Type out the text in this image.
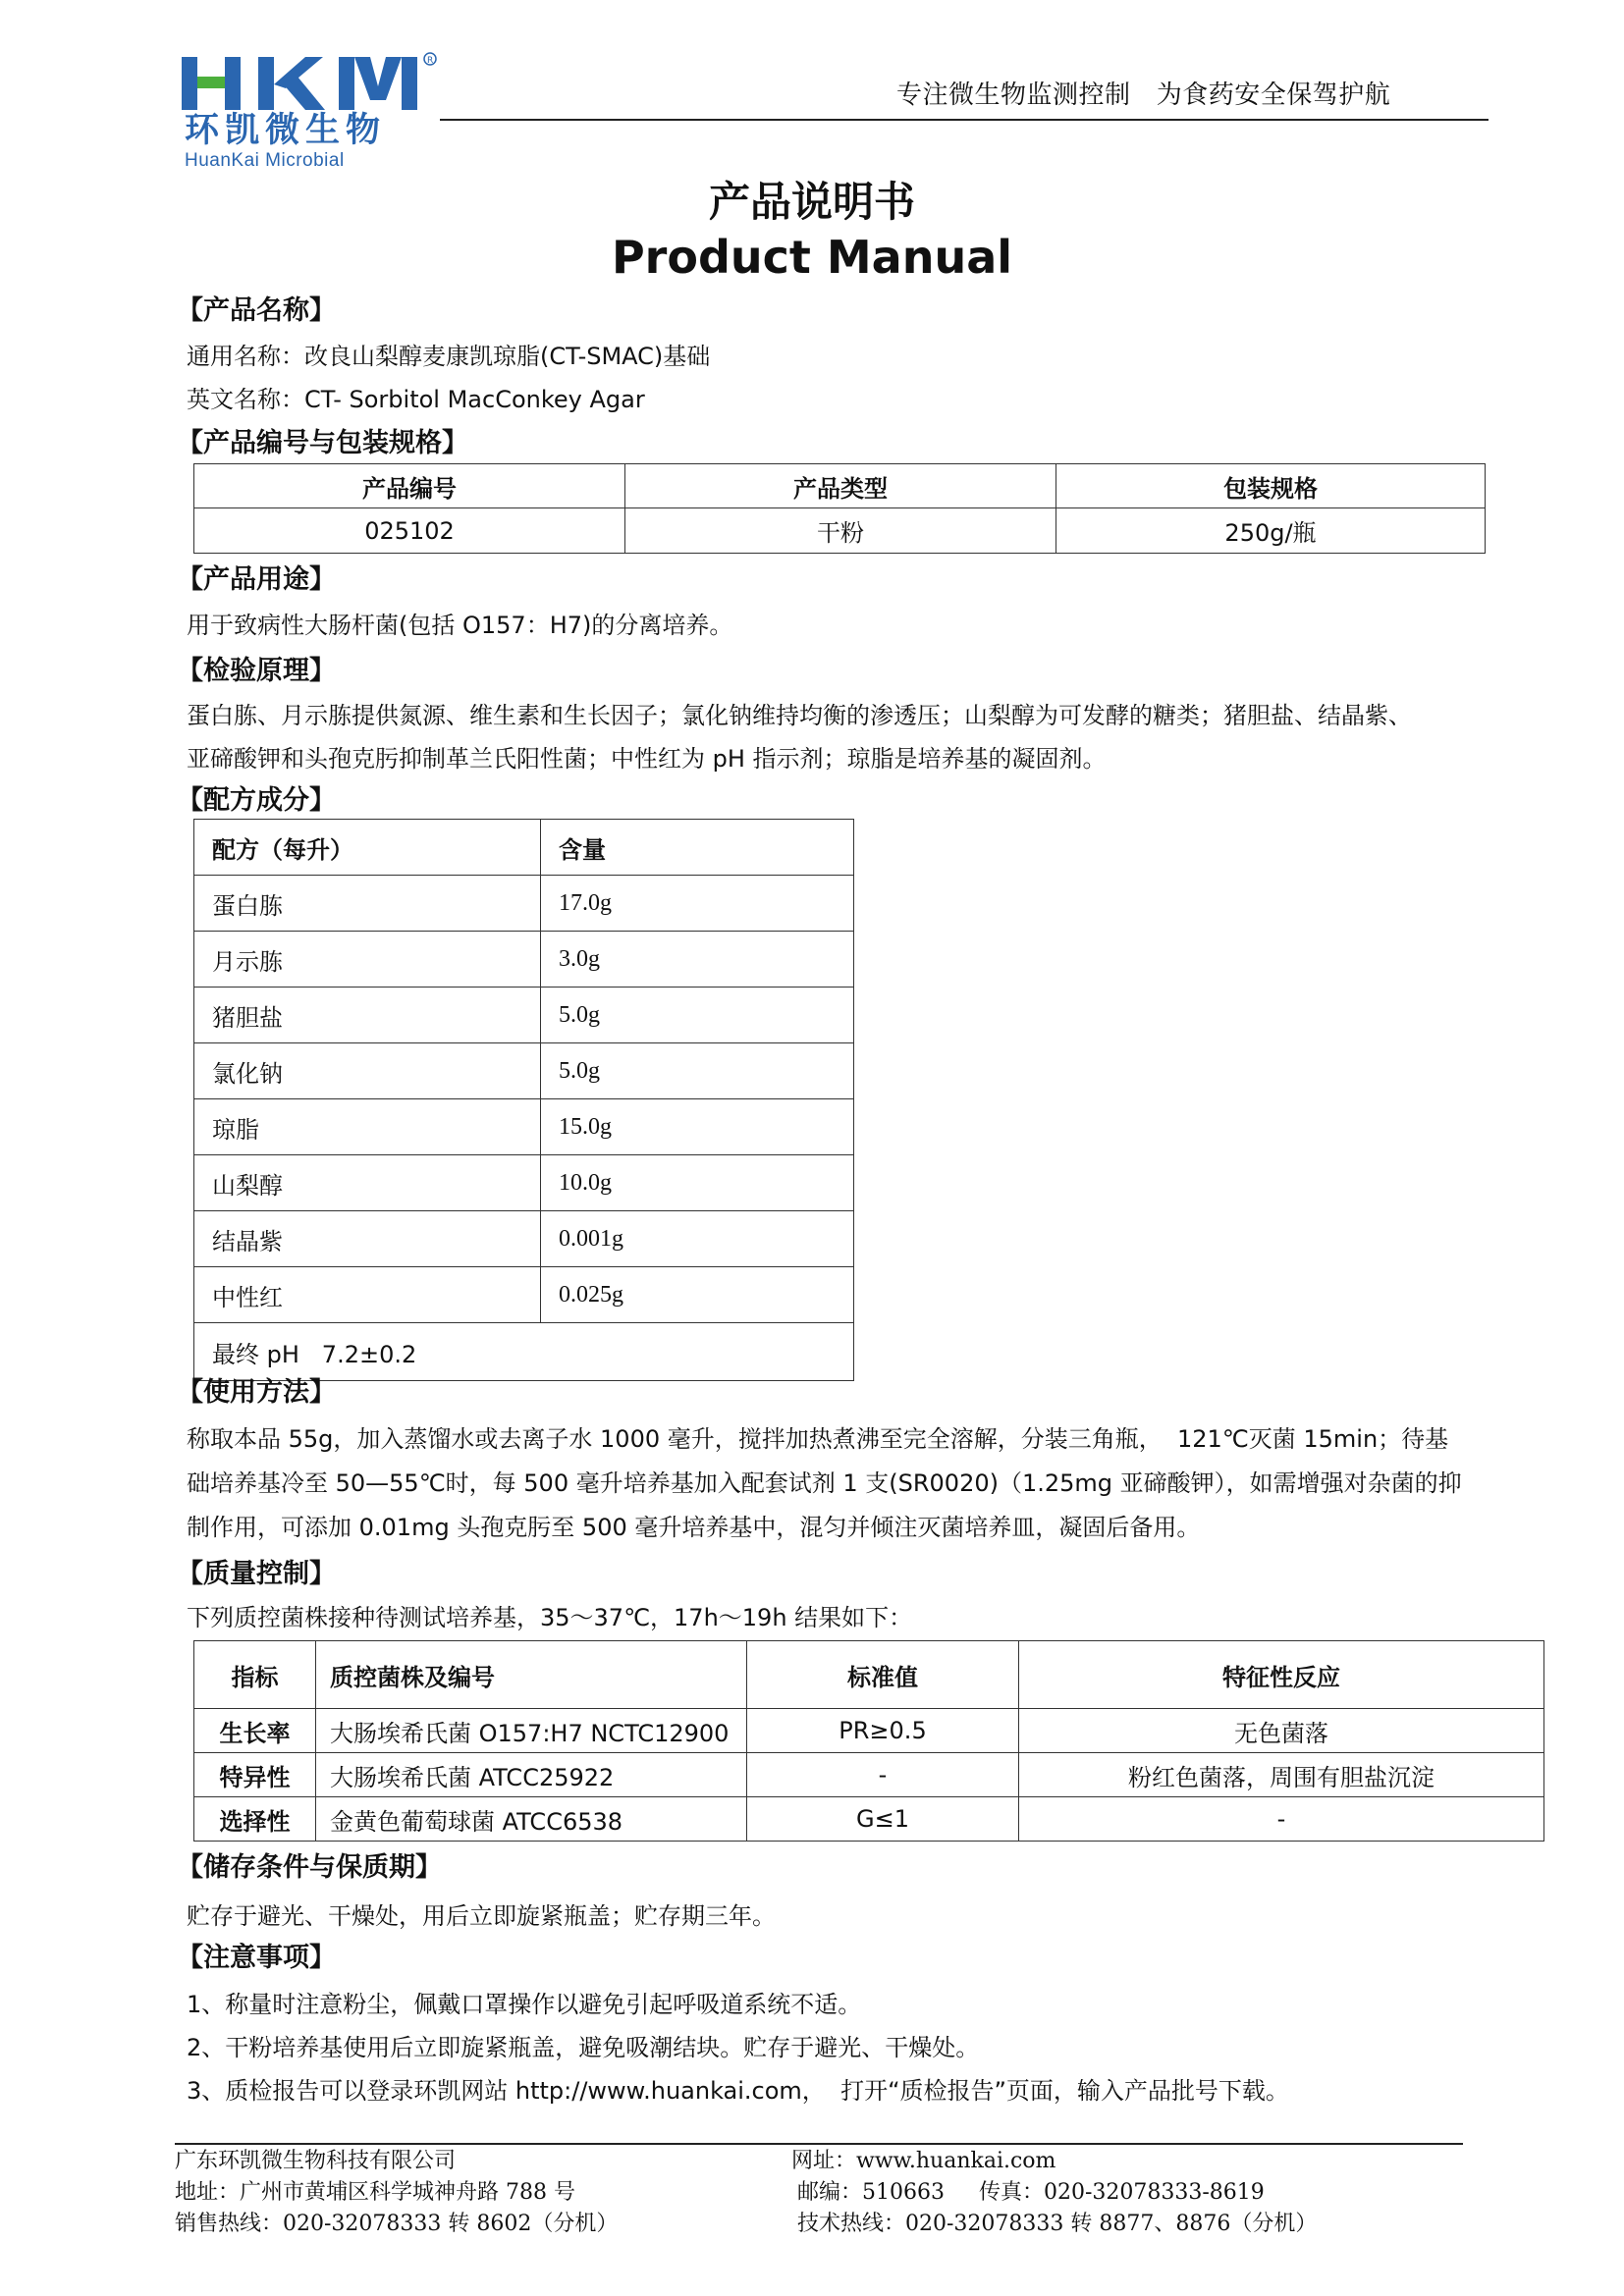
R
环凯微生物
HuanKai Microbial
专注微生物监测控制   为食药安全保驾护航
产品说明书
Product Manual
【产品名称】
通用名称：改良山梨醇麦康凯琼脂(CT-SMAC)基础
英文名称：CT- Sorbitol MacConkey Agar
【产品编号与包装规格】
产品编号	产品类型	包装规格
025102	干粉	250g/瓶
【产品用途】
用于致病性大肠杆菌(包括 O157：H7)的分离培养。
【检验原理】
蛋白胨、月示胨提供氮源、维生素和生长因子；氯化钠维持均衡的渗透压；山梨醇为可发酵的糖类；猪胆盐、结晶紫、
亚碲酸钾和头孢克肟抑制革兰氏阳性菌；中性红为 pH 指示剂；琼脂是培养基的凝固剂。
【配方成分】
配方（每升）	含量
蛋白胨	17.0g
月示胨	3.0g
猪胆盐	5.0g
氯化钠	5.0g
琼脂	15.0g
山梨醇	10.0g
结晶紫	0.001g
中性红	0.025g
最终 pH   7.2±0.2	
【使用方法】
称取本品 55g，加入蒸馏水或去离子水 1000 毫升，搅拌加热煮沸至完全溶解，分装三角瓶，  121℃灭菌 15min；待基
础培养基冷至 50—55℃时，每 500 毫升培养基加入配套试剂 1 支(SR0020)（1.25mg 亚碲酸钾），如需增强对杂菌的抑
制作用，可添加 0.01mg 头孢克肟至 500 毫升培养基中，混匀并倾注灭菌培养皿，凝固后备用。
【质量控制】
下列质控菌株接种待测试培养基，35～37℃，17h～19h 结果如下：
指标	质控菌株及编号	标准值	特征性反应
生长率	大肠埃希氏菌 O157:H7 NCTC12900	PR≥0.5	无色菌落
特异性	大肠埃希氏菌 ATCC25922	-	粉红色菌落，周围有胆盐沉淀
选择性	金黄色葡萄球菌 ATCC6538	G≤1	-
【储存条件与保质期】
贮存于避光、干燥处，用后立即旋紧瓶盖；贮存期三年。
【注意事项】
1、称量时注意粉尘，佩戴口罩操作以避免引起呼吸道系统不适。
2、干粉培养基使用后立即旋紧瓶盖，避免吸潮结块。贮存于避光、干燥处。
3、质检报告可以登录环凯网站 http://www.huankai.com，  打开“质检报告”页面，输入产品批号下载。
广东环凯微生物科技有限公司
地址：广州市黄埔区科学城神舟路 788 号
销售热线：020-32078333 转 8602（分机）
网址：www.huankai.com
邮编：510663     传真：020-32078333-8619
技术热线：020-32078333 转 8877、8876（分机）
